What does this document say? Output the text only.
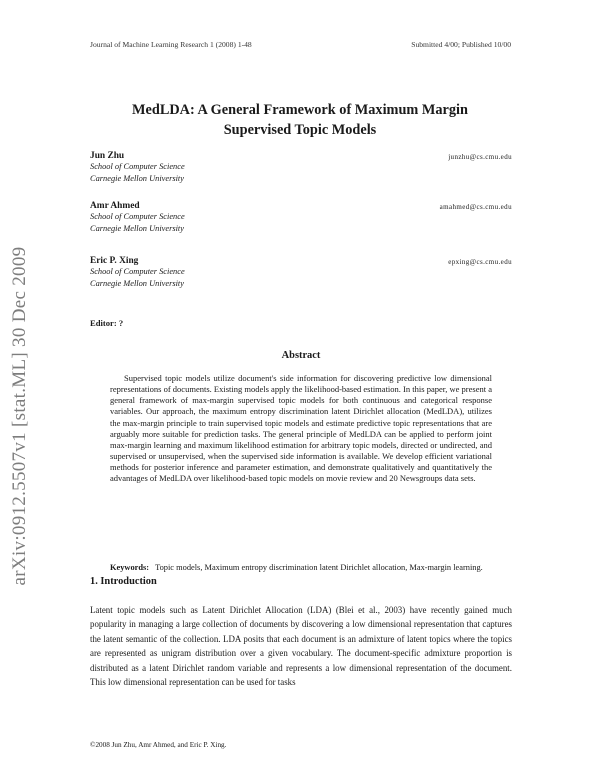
Journal of Machine Learning Research 1 (2008) 1-48	Submitted 4/00; Published 10/00
arXiv:0912.5507v1 [stat.ML] 30 Dec 2009
MedLDA: A General Framework of Maximum Margin
Supervised Topic Models
Jun Zhu	junzhu@cs.cmu.edu
School of Computer Science
Carnegie Mellon University
Amr Ahmed	amahmed@cs.cmu.edu
School of Computer Science
Carnegie Mellon University
Eric P. Xing	epxing@cs.cmu.edu
School of Computer Science
Carnegie Mellon University
Editor: ?
Abstract

Supervised topic models utilize document's side information for discovering predictive low dimensional representations of documents. Existing models apply the likelihood-based estimation. In this paper, we present a general framework of max-margin supervised topic models for both continuous and categorical response variables. Our approach, the maximum entropy discrimination latent Dirichlet allocation (MedLDA), utilizes the max-margin principle to train supervised topic models and estimate predictive topic representations that are arguably more suitable for prediction tasks. The general principle of MedLDA can be applied to perform joint max-margin learning and maximum likelihood estimation for arbitrary topic models, directed or undirected, and supervised or unsupervised, when the supervised side information is available. We develop efficient variational methods for posterior inference and parameter estimation, and demonstrate qualitatively and quantitatively the advantages of MedLDA over likelihood-based topic models on movie review and 20 Newsgroups data sets.

Keywords: Topic models, Maximum entropy discrimination latent Dirichlet allocation, Max-margin learning.
1. Introduction

Latent topic models such as Latent Dirichlet Allocation (LDA) (Blei et al., 2003) have recently gained much popularity in managing a large collection of documents by discovering a low dimensional representation that captures the latent semantic of the collection. LDA posits that each document is an admixture of latent topics where the topics are represented as unigram distribution over a given vocabulary. The document-specific admixture proportion is distributed as a latent Dirichlet random variable and represents a low dimensional representation of the document. This low dimensional representation can be used for tasks

©2008 Jun Zhu, Amr Ahmed, and Eric P. Xing.
